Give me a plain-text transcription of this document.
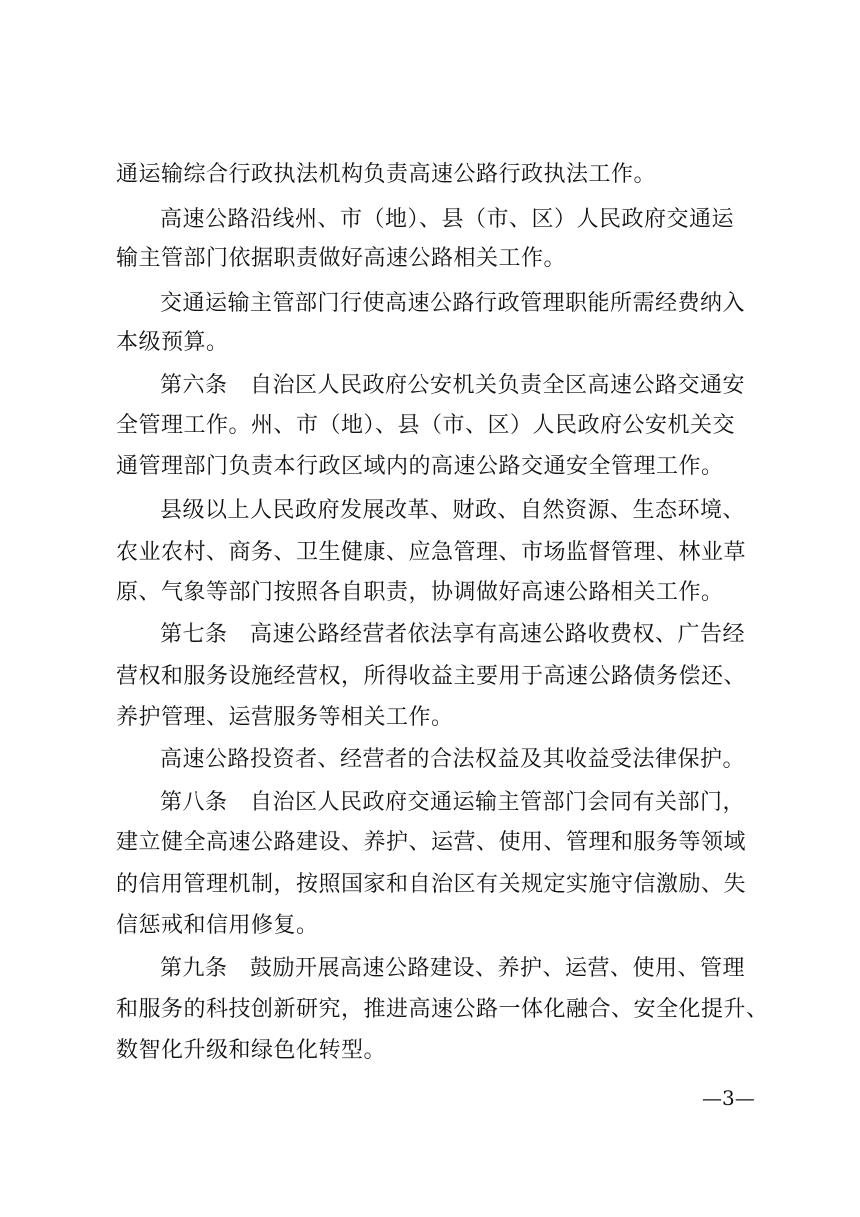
通运输综合行政执法机构负责高速公路行政执法工作。
高速公路沿线州、市（地）、县（市、区）人民政府交通运
输主管部门依据职责做好高速公路相关工作。
交通运输主管部门行使高速公路行政管理职能所需经费纳入
本级预算。
第六条　自治区人民政府公安机关负责全区高速公路交通安
全管理工作。州、市（地）、县（市、区）人民政府公安机关交
通管理部门负责本行政区域内的高速公路交通安全管理工作。
县级以上人民政府发展改革、财政、自然资源、生态环境、
农业农村、商务、卫生健康、应急管理、市场监督管理、林业草
原、气象等部门按照各自职责，协调做好高速公路相关工作。
第七条　高速公路经营者依法享有高速公路收费权、广告经
营权和服务设施经营权，所得收益主要用于高速公路债务偿还、
养护管理、运营服务等相关工作。
高速公路投资者、经营者的合法权益及其收益受法律保护。
第八条　自治区人民政府交通运输主管部门会同有关部门，
建立健全高速公路建设、养护、运营、使用、管理和服务等领域
的信用管理机制，按照国家和自治区有关规定实施守信激励、失
信惩戒和信用修复。
第九条　鼓励开展高速公路建设、养护、运营、使用、管理
和服务的科技创新研究，推进高速公路一体化融合、安全化提升、
数智化升级和绿色化转型。
—3—
